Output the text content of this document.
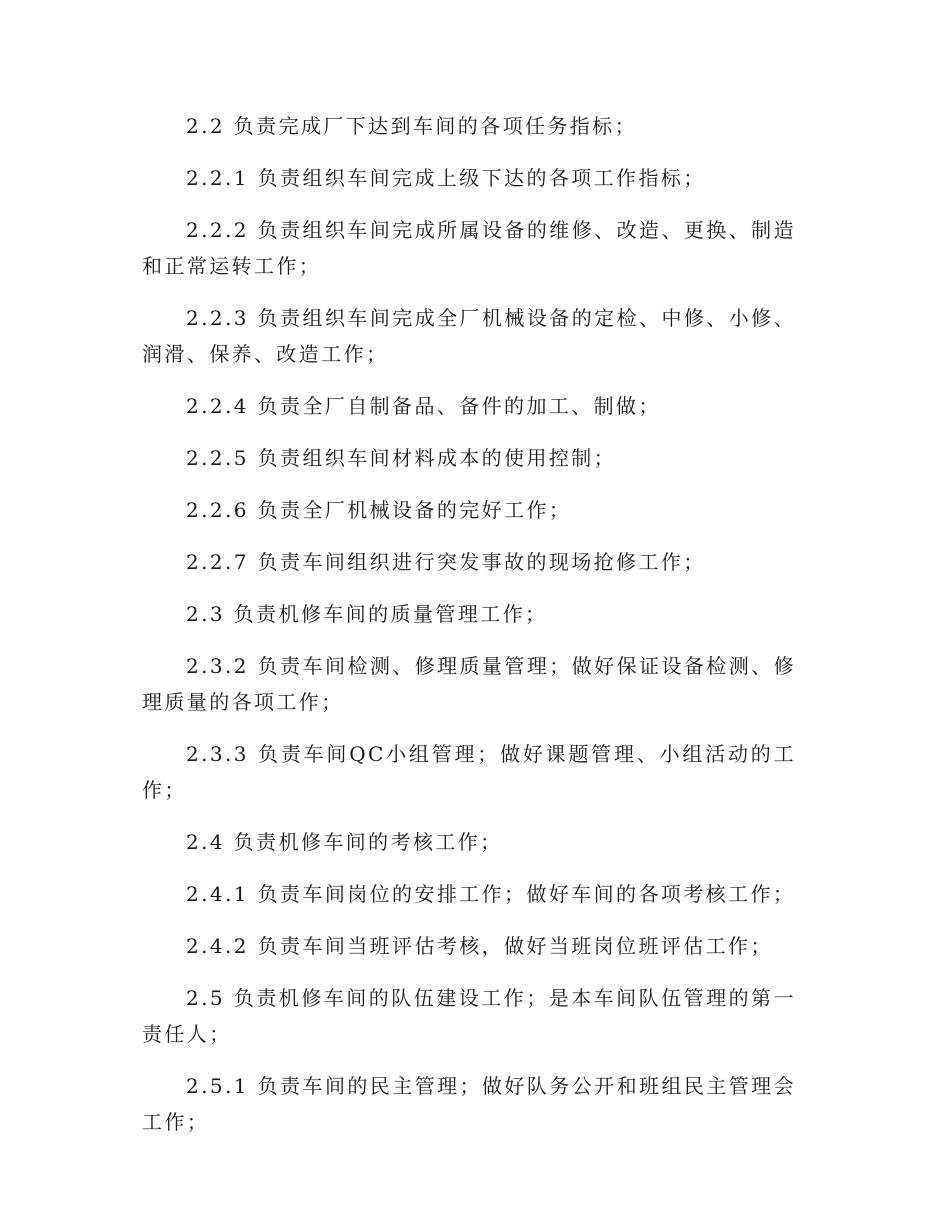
2.2 负责完成厂下达到车间的各项任务指标；

2.2.1 负责组织车间完成上级下达的各项工作指标；

2.2.2 负责组织车间完成所属设备的维修、改造、更换、制造和正常运转工作；

2.2.3 负责组织车间完成全厂机械设备的定检、中修、小修、润滑、保养、改造工作；

2.2.4 负责全厂自制备品、备件的加工、制做；

2.2.5 负责组织车间材料成本的使用控制；

2.2.6 负责全厂机械设备的完好工作；

2.2.7 负责车间组织进行突发事故的现场抢修工作；

2.3 负责机修车间的质量管理工作；

2.3.2 负责车间检测、修理质量管理；做好保证设备检测、修理质量的各项工作；

2.3.3 负责车间QC小组管理；做好课题管理、小组活动的工作；

2.4 负责机修车间的考核工作；

2.4.1 负责车间岗位的安排工作；做好车间的各项考核工作；

2.4.2 负责车间当班评估考核，做好当班岗位班评估工作；

2.5 负责机修车间的队伍建设工作；是本车间队伍管理的第一责任人；

2.5.1 负责车间的民主管理；做好队务公开和班组民主管理会工作；
